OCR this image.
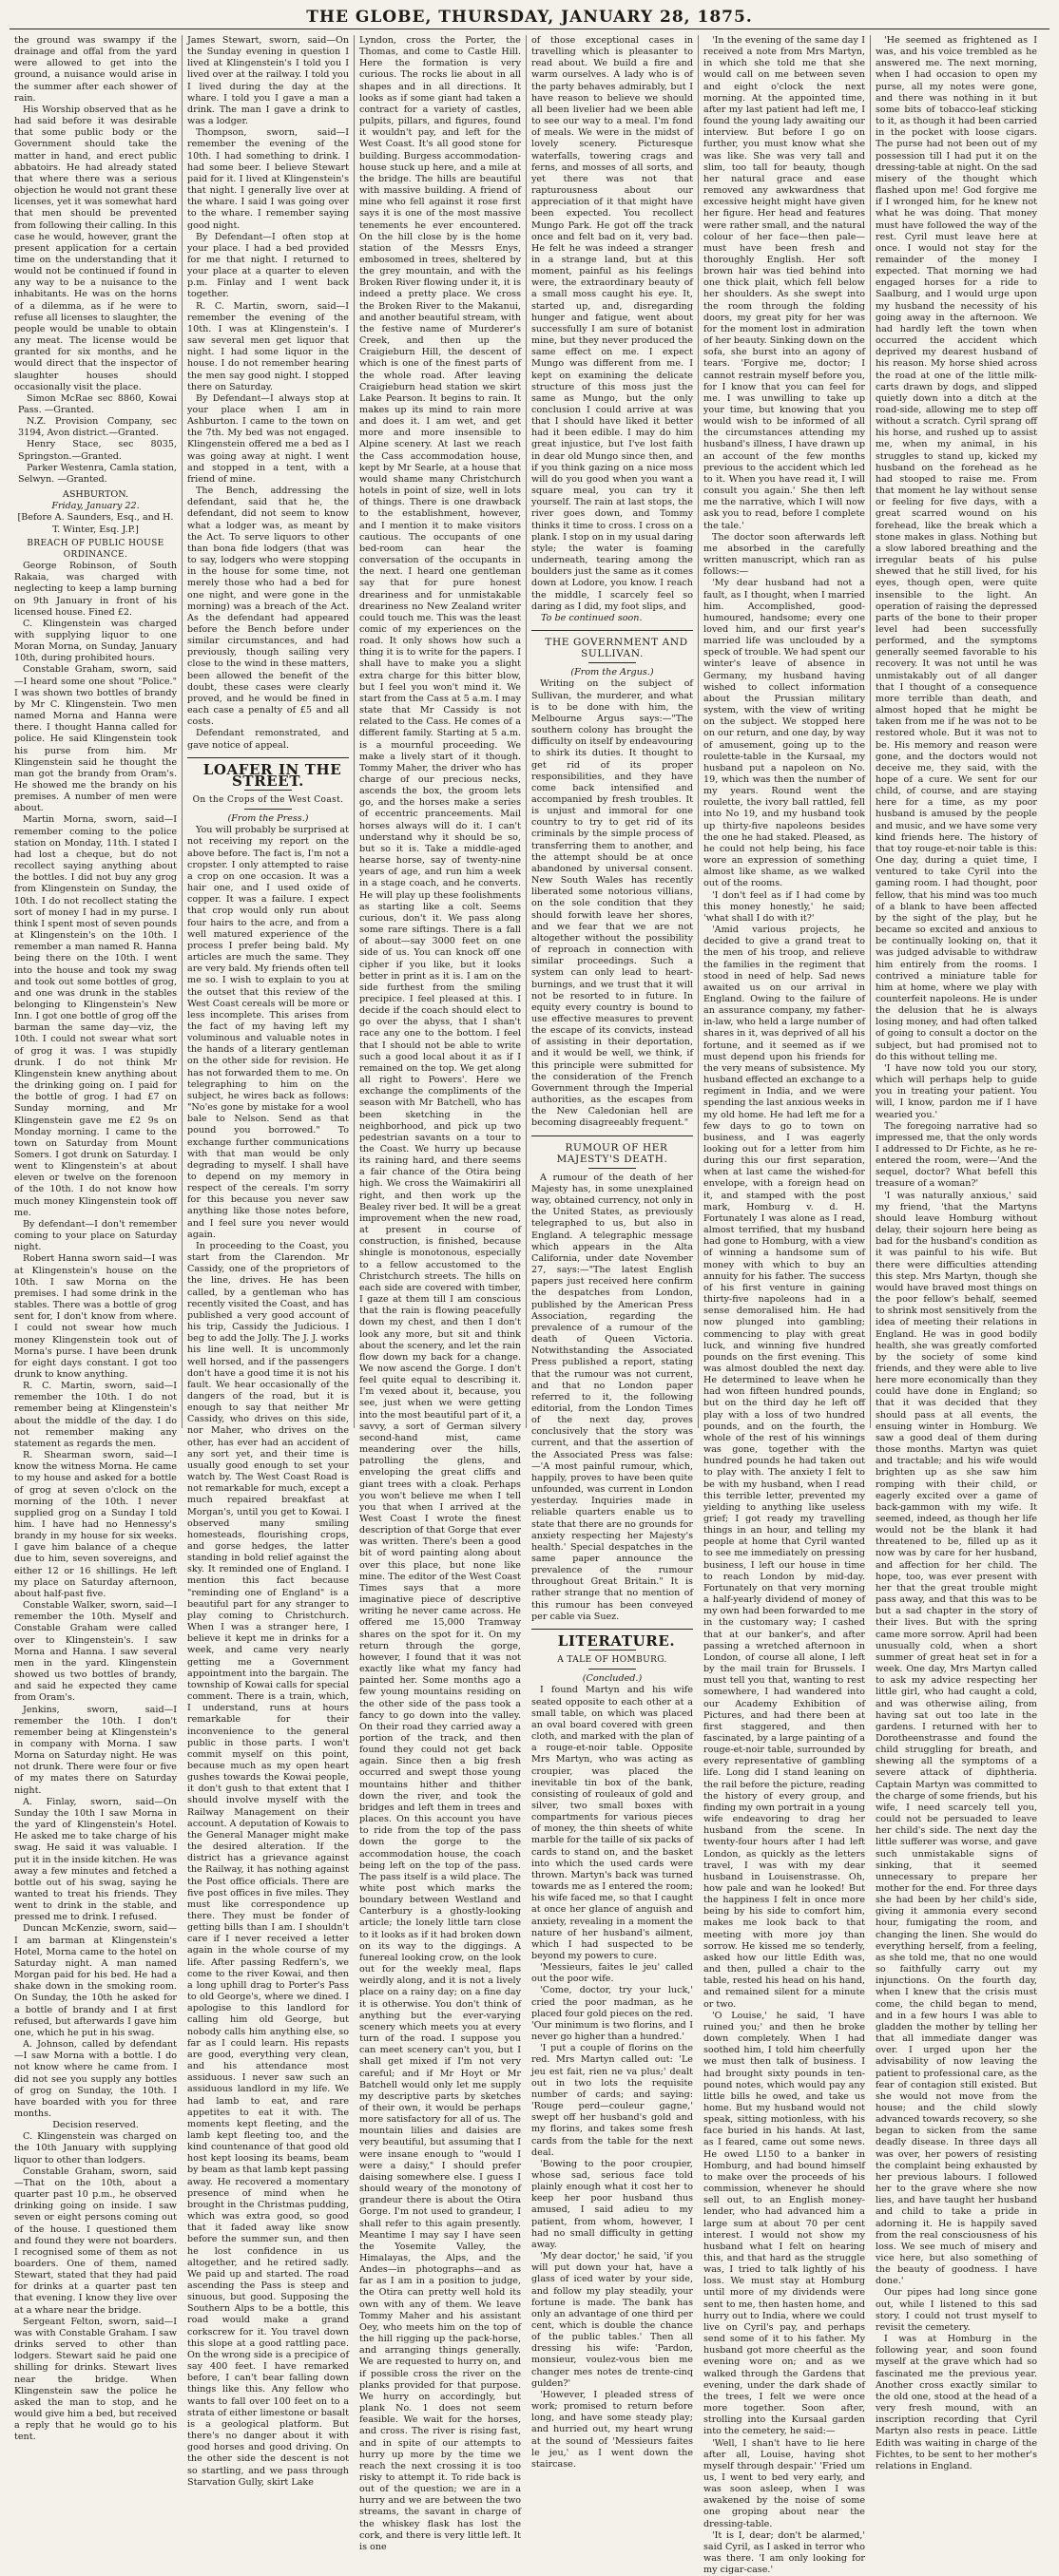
THE GLOBE, THURSDAY, JANUARY 28, 1875.

the ground was swampy if the drainage and offal from the yard were allowed to get into the ground, a nuisance would arise in the summer after each shower of rain.

His Worship observed that as he had said before it was desirable that some public body or the Government should take the matter in hand, and erect public abbatoirs. He had already stated that where there was a serious objection he would not grant these licenses, yet it was somewhat hard that men should be prevented from following their calling. In this case he would, however, grant the present application for a certain time on the understanding that it would not be continued if found in any way to be a nuisance to the inhabitants. He was on the horns of a dilemma, as if he were to refuse all licenses to slaughter, the people would be unable to obtain any meat. The license would be granted for six months, and he would direct that the inspector of slaughter houses should occasionally visit the place.

Simon McRae sec 8860, Kowai Pass. —Granted.

N.Z. Provision Company, sec 3194, Avon district.—Granted.

Henry Stace, sec 8035, Springston.—Granted.

Parker Westenra, Camla station, Selwyn. —Granted.

ASHBURTON.

Friday, January 22.

[Before A. Saunders, Esq., and H. T. Winter, Esq. J.P.]

BREACH OF PUBLIC HOUSE ORDINANCE.

George Robinson, of South Rakaia, was charged with neglecting to keep a lamp burning on 9th January in front of his licensed house. Fined £2.

C. Klingenstein was charged with supplying liquor to one Moran Morna, on Sunday, January 10th, during prohibited hours.

Constable Graham, sworn, said—I heard some one shout "Police." I was shown two bottles of brandy by Mr C. Klingenstein. Two men named Morna and Hanna were there. I thought Hanna called for police. He said Klingenstein took his purse from him. Mr Klingenstein said he thought the man got the brandy from Oram's. He showed me the brandy on his premises. A number of men were about.

Martin Morna, sworn, said—I remember coming to the police station on Monday, 11th. I stated I had lost a cheque, but do not recollect saying anything about the bottles. I did not buy any grog from Klingenstein on Sunday, the 10th. I do not recollect stating the sort of money I had in my purse. I think I spent most of seven pounds at Klingenstein's on the 10th. I remember a man named R. Hanna being there on the 10th. I went into the house and took my swag and took out some bottles of grog, and one was drunk in the stables belonging to Klingenstein's New Inn. I got one bottle of grog off the barman the same day—viz, the 10th. I could not swear what sort of grog it was. I was stupidly drunk. I do not think Mr Klingenstein knew anything about the drinking going on. I paid for the bottle of grog. I had £7 on Sunday morning, and Mr Klingenstein gave me £2 9s on Monday morning. I came to the town on Saturday from Mount Somers. I got drunk on Saturday. I went to Klingenstein's at about eleven or twelve on the forenoon of the 10th. I do not know how much money Klingenstein took off me.

By defendant—I don't remember coming to your place on Saturday night.

Robert Hanna sworn said—I was at Klingenstein's house on the 10th. I saw Morna on the premises. I had some drink in the stables. There was a bottle of grog sent for, I don't know from where. I could not swear how much money Klingenstein took out of Morna's purse. I have been drunk for eight days constant. I got too drunk to know anything.

R. C. Martin, sworn, said—I remember the 10th. I do not remember being at Klingenstein's about the middle of the day. I do not remember making any statement as regards the men.

R. Shearman sworn, said—I know the witness Morna. He came to my house and asked for a bottle of grog at seven o'clock on the morning of the 10th. I never supplied grog on a Sunday I told him. I have had no Hennessy's brandy in my house for six weeks. I gave him balance of a cheque due to him, seven sovereigns, and either 12 or 16 shillings. He left my place on Saturday afternoon, about half-past five.

Constable Walker, sworn, said—I remember the 10th. Myself and Constable Graham were called over to Klingenstein's. I saw Morna and Hanna. I saw several men in the yard. Klingenstein showed us two bottles of brandy, and said he expected they came from Oram's.

Jenkins, sworn, said—I remember the 10th. I don't remember being at Klingenstein's in company with Morna. I saw Morna on Saturday night. He was not drunk. There were four or five of my mates there on Saturday night.

A. Finlay, sworn, said—On Sunday the 10th I saw Morna in the yard of Klingenstein's Hotel. He asked me to take charge of his swag. He said it was valuable. I put it in the inside kitchen. He was away a few minutes and fetched a bottle out of his swag, saying he wanted to treat his friends. They went to drink in the stable, and pressed me to drink. I refused.

Duncan McKenzie, sworn, said—I am barman at Klingenstein's Hotel, Morna came to the hotel on Saturday night. A man named Morgan paid for his bed. He had a shake down in the smoking room. On Sunday, the 10th he asked for a bottle of brandy and I at first refused, but afterwards I gave him one, which he put in his swag.

A. Johnson, called by defendant—I saw Morna with a bottle. I do not know where he came from. I did not see you supply any bottles of grog on Sunday, the 10th. I have boarded with you for three months.

Decision reserved.

C. Klingenstein was charged on the 10th January with supplying liquor to other than lodgers.

Constable Graham, sworn, said—That on the 10th, about a quarter past 10 p.m., he observed drinking going on inside. I saw seven or eight persons coming out of the house. I questioned them and found they were not boarders. I recognised some of them as not boarders. One of them, named Stewart, stated that they had paid for drinks at a quarter past ten that evening. I know they live over at a whare near the bridge.

Sergeant Felton, sworn, said—I was with Constable Graham. I saw drinks served to other than lodgers. Stewart said he paid one shilling for drinks. Stewart lives near the bridge. When Klingenstein saw the police he asked the man to stop, and he would give him a bed, but received a reply that he would go to his tent.

James Stewart, sworn, said—On the Sunday evening in question I lived at Klingenstein's I told you I lived over at the railway. I told you I lived during the day at the whare. I told you I gave a man a drink. The man I gave a drink to was a lodger.

Thompson, sworn, said—I remember the evening of the 10th. I had something to drink. I had some beer. I believe Stewart paid for it. I lived at Klingenstein's that night. I generally live over at the whare. I said I was going over to the whare. I remember saying good night.

By Defendant—I often stop at your place. I had a bed provided for me that night. I returned to your place at a quarter to eleven p.m. Finlay and I went back together.

R. C. Martin, sworn, said—I remember the evening of the 10th. I was at Klingenstein's. I saw several men get liquor that night. I had some liquor in the house. I do not remember hearing the men say good night. I stopped there on Saturday.

By Defendant—I always stop at your place when I am in Ashburton. I came to the town on the 7th. My bed was not engaged. Klingenstein offered me a bed as I was going away at night. I went and stopped in a tent, with a friend of mine.

The Bench, addressing the defendant, said that he, the defendant, did not seem to know what a lodger was, as meant by the Act. To serve liquors to other than bona fide lodgers (that was to say, lodgers who were stopping in the house for some time, not merely those who had a bed for one night, and were gone in the morning) was a breach of the Act. As the defendant had appeared before the Bench before under similar circumstances, and had previously, though sailing very close to the wind in these matters, been allowed the benefit of the doubt, these cases were clearly proved, and he would be fined in each case a penalty of £5 and all costs.

Defendant remonstrated, and gave notice of appeal.

LOAFER IN THE STREET.

On the Crops of the West Coast.

(From the Press.)

You will probably be surprised at not receiving my report on the above before. The fact is, I'm not a cropster. I only attempted to raise a crop on one occasion. It was a hair one, and I used oxide of copper. It was a failure. I expect that crop would only run about four hairs to the acre, and from a well matured experience of the process I prefer being bald. My articles are much the same. They are very bald. My friends often tell me so. I wish to explain to you at the outset that this review of the West Coast cereals will be more or less incomplete. This arises from the fact of my having left my voluminous and valuable notes in the hands of a literary gentleman on the other side for revision. He has not forwarded them to me. On telegraphing to him on the subject, he wires back as follows: "No'es gone by mistake for a wool bale to Nelson. Send as that pound you borrowed." To exchange further communications with that man would be only degrading to myself. I shall have to depend on my memory in respect of the cereals. I'm sorry for this because you never saw anything like those notes before, and I feel sure you never would again.

In proceeding to the Coast, you start from the Clarendon. Mr Cassidy, one of the proprietors of the line, drives. He has been called, by a gentleman who has recently visited the Coast, and has published a very good account of his trip, Cassidy the Judicious. I beg to add the Jolly. The J. J. works his line well. It is uncommonly well horsed, and if the passengers don't have a good time it is not his fault. We hear occasionally of the dangers of the road, but it is enough to say that neither Mr Cassidy, who drives on this side, nor Maher, who drives on the other, has ever had an accident of any sort yet, and their time is usually good enough to set your watch by. The West Coast Road is not remarkable for much, except a much repaired breakfast at Morgan's, until you get to Kowai. I observed many smiling homesteads, flourishing crops, and gorse hedges, the latter standing in bold relief against the sky. It reminded one of England. I mention this fact because "reminding one of England" is a beautiful part for any stranger to play coming to Christchurch. When I was a stranger here, I believe it kept me in drinks for a week, and came very nearly getting me a Government appointment into the bargain. The township of Kowai calls for special comment. There is a train, which, I understand, runs at hours remarkable for their inconvenience to the general public in those parts. I won't commit myself on this point, because much as my open heart gushes towards the Kowai people, it don't gush to that extent that I should involve myself with the Railway Management on their account. A deputation of Kowais to the General Manager might make the desired alteration. If the district has a grievance against the Railway, it has nothing against the Post office officials. There are five post offices in five miles. They must like correspondence up there. They must be fonder of getting bills than I am. I shouldn't care if I never received a letter again in the whole course of my life. After passing Redfern's, we come to the river Kowai, and then a long uphill drag to Porter's Pass to old George's, where we dined. I apologise to this landlord for calling him old George, but nobody calls him anything else, so far as I could learn. His repasts are good, everything very clean, and his attendance most assiduous. I never saw such an assiduous landlord in my life. We had lamb to eat, and rare appetites to eat it with. The moments kept fleeting, and the lamb kept fleeting too, and the kind countenance of that good old host kept loosing its beams, beam by beam as that lamb kept passing away. He recovered a momentary presence of mind when he brought in the Christmas pudding, which was extra good, so good that it faded away like snow before the summer sun, and then he lost confidence in us altogether, and he retired sadly. We paid up and started. The road ascending the Pass is steep and sinuous, but good. Supposing the Southern Alps to be a bottle, this road would make a grand corkscrew for it. You travel down this slope at a good rattling pace. On the wrong side is a precipice of say 400 feet. I have remarked before, I can't bear falling down things like this. Any fellow who wants to fall over 100 feet on to a strata of either limestone or basalt is a geological platform. But there's no danger about it with good horses and good driving. On the other side the descent is not so startling, and we pass through Starvation Gully, skirt Lake

Lyndon, cross the Porter, the Thomas, and come to Castle Hill. Here the formation is very curious. The rocks lie about in all shapes and in all directions. It looks as if some giant had taken a contract for a variety of castles, pulpits, pillars, and figures, found it wouldn't pay, and left for the West Coast. It's all good stone for building. Burgess accommodation-house stuck up here, and a mile at the bridge. The hills are beautiful with massive building. A friend of mine who fell against it rose first says it is one of the most massive tenements he ever encountered. On the hill close by is the home station of the Messrs Enys, embosomed in trees, sheltered by the grey mountain, and with the Broken River flowing under it, it is indeed a pretty place. We cross the Broken River to the Makanui, and another beautiful stream, with the festive name of Murderer's Creek, and then up the Craigieburn Hill, the descent of which is one of the finest parts of the whole road. After leaving Craigieburn head station we skirt Lake Pearson. It begins to rain. It makes up its mind to rain more and does it. I am wet, and get more and more insensible to Alpine scenery. At last we reach the Cass accommodation house, kept by Mr Searle, at a house that would shame many Christchurch hotels in point of size, well in lots of things. There is one drawback to the establishment, however, and I mention it to make visitors cautious. The occupants of one bed-room can hear the conversation of the occupants in the next. I heard one gentleman say that for pure honest dreariness and for unmistakable dreariness no New Zealand writer could touch me. This was the least comic of my experiences on the road. It only shows how such a thing it is to write for the papers. I shall have to make you a slight extra charge for this bitter blow, but I feel you won't mind it. We start from the Cass at 5 a.m. I may state that Mr Cassidy is not related to the Cass. He comes of a different family. Starting at 5 a.m. is a mournful proceeding. We make a lively start of it though. Tommy Maher, the driver who has charge of our precious necks, ascends the box, the groom lets go, and the horses make a series of eccentric pranceements. Mail horses always will do it. I can't understand why it should be so, but so it is. Take a middle-aged hearse horse, say of twenty-nine years of age, and run him a week in a stage coach, and he converts. He will play up these foolishments as starting like a colt. Seems curious, don't it. We pass along some rare siftings. There is a fall of about—say 3000 feet on one side of us. You can knock off one cipher if you like, but it looks better in print as it is. I am on the side furthest from the smiling precipice. I feel pleased at this. I decide if the coach should elect to go over the abyss, that I shan't race any one to the bottom. I feel that I should not be able to write such a good local about it as if I remained on the top. We get along all right to Powers'. Here we exchange the compliments of the season with Mr Batchell, who has been sketching in the neighborhood, and pick up two pedestrian savants on a tour to the Coast. We hurry up because its raining hard, and there seems a fair chance of the Otira being high. We cross the Waimakiriri all right, and then work up the Bealey river bed. It will be a great improvement when the new road, at present in course of construction, is finished, because shingle is monotonous, especially to a fellow accustomed to the Christchurch streets. The hills on each side are covered with timber, I gaze at them till I am conscious that the rain is flowing peacefully down my chest, and then I don't look any more, but sit and think about the scenery, and let the rain flow down my back for a change. We now ascend the Gorge. I don't feel quite equal to describing it. I'm vexed about it, because, you see, just when we were getting into the most beautiful part of it, a savvy, a sort of German silvery second-hand mist, came meandering over the hills, patrolling the glens, and enveloping the great cliffs and giant trees with a cloak. Perhaps you won't believe me when I tell you that when I arrived at the West Coast I wrote the finest description of that Gorge that ever was written. There's been a good bit of word painting along about over this place, but none like mine. The editor of the West Coast Times says that a more imaginative piece of descriptive writing he never came across. He offered me 15,000 Tramway shares on the spot for it. On my return through the gorge, however, I found that it was not exactly like what my fancy had painted her. Some months ago a few young mountains residing on the other side of the pass took a fancy to go down into the valley. On their road they carried away a portion of the track, and then found they could not get back again. Since then a big fresh occurred and swept those young mountains hither and thither down the river, and took the bridges and left them in trees and places. On this account you have to ride from the top of the pass down the gorge to the accommodation house, the coach being left on the top of the pass. The pass itself is a wild place. The white post which marks the boundary between Westland and Canterbury is a ghostly-looking article; the lonely little tarn close to it looks as if it had broken down on its way to the diggings. A funereal looking crow, on the look out for the weekly meal, flaps weirdly along, and it is not a lively place on a rainy day; on a fine day it is otherwise. You don't think of anything but the ever-varying scenery which meets you at every turn of the road. I suppose you can meet scenery can't you, but I shall get mixed if I'm not very careful; and if Mr Hoyt or Mr Batchell would only let me supply my descriptive parts by sketches of their own, it would be perhaps more satisfactory for all of us. The mountain lilies and daisies are very beautiful, but assuming that I were insane enough to "would I were a daisy," I should prefer daising somewhere else. I guess I should weary of the monotony of grandeur there is about the Otira Gorge. I'm not used to grandeur, I shall refer to this again presently. Meantime I may say I have seen the Yosemite Valley, the Himalayas, the Alps, and the Andes—in photographs—and as far as I am in a position to judge, the Otira can pretty well hold its own with any of them. We leave Tommy Maher and his assistant Oey, who meets him on the top of the hill rigging up the pack-horse, and arranging things generally. We are requested to hurry on, and if possible cross the river on the planks provided for that purpose. We hurry on accordingly, but plank No. 1 does not seem feasible. We wait for the horses, and cross. The river is rising fast, and in spite of our attempts to hurry up more by the time we reach the next crossing it is too risky to attempt it. To ride back is out of the question; we are in a hurry and we are between the two streams, the savant in charge of the whiskey flask has lost the cork, and there is very little left. It is one

of those exceptional cases in travelling which is pleasanter to read about. We build a fire and warm ourselves. A lady who is of the party behaves admirably, but I have reason to believe we should all been livelier had we been able to see our way to a meal. I'm fond of meals. We were in the midst of lovely scenery. Picturesque waterfalls, towering crags and ferns, and mosses of all sorts, and yet there was not that rapturousness about our appreciation of it that might have been expected. You recollect Mungo Park. He got off the track once and felt bad on it, very bad. He felt he was indeed a stranger in a strange land, but at this moment, painful as his feelings were, the extraordinary beauty of a small moss caught his eye. It, started up, and, disregarding hunger and fatigue, went about successfully I am sure of botanist mine, but they never produced the same effect on me. I expect Mungo was different from me. I kept on examining the delicate structure of this moss just the same as Mungo, but the only conclusion I could arrive at was that I should have liked it better had it been edible. I may do him great injustice, but I've lost faith in dear old Mungo since then, and if you think gazing on a nice moss will do you good when you want a square meal, you can try it yourself. The rain at last stops, the river goes down, and Tommy thinks it time to cross. I cross on a plank. I stop on in my usual daring style; the water is foaming underneath, tearing among the boulders just the same as it comes down at Lodore, you know. I reach the middle, I scarcely feel so daring as I did, my foot slips, and

To be continued soon.

THE GOVERNMENT AND SULLIVAN.

(From the Argus.)

Writing on the subject of Sullivan, the murderer, and what is to be done with him, the Melbourne Argus says:—"The southern colony has brought the difficulty on itself by endeavouring to shirk its duties. It thought to get rid of its proper responsibilities, and they have come back intensified and accompanied by fresh troubles. It is unjust and immoral for one country to try to get rid of its criminals by the simple process of transferring them to another, and the attempt should be at once abandoned by universal consent. New South Wales has recently liberated some notorious villians, on the sole condition that they should forwith leave her shores, and we fear that we are not altogether without the possibility of reproach in connection with similar proceedings. Such a system can only lead to heart-burnings, and we trust that it will not be resorted to in future. In equity every country is bound to use effective measures to prevent the escape of its convicts, instead of assisting in their deportation, and it would be well, we think, if this principle were submitted for the consideration of the French Government through the Imperial authorities, as the escapes from the New Caledonian hell are becoming disagreeably frequent."

RUMOUR OF HER MAJESTY'S DEATH.

A rumour of the death of her Majesty has, in some unexplained way, obtained currency, not only in the United States, as previously telegraphed to us, but also in England. A telegraphic message which appears in the Alta California, under date November 27, says:—"The latest English papers just received here confirm the despatches from London, published by the American Press Association, regarding the prevalence of a rumour of the death of Queen Victoria. Notwithstanding the Associated Press published a report, stating that the rumour was not current, and that no London paper referred to it, the following editorial, from the London Times of the next day, proves conclusively that the story was current, and that the assertion of the Associated Press was false:—'A most painful rumour, which, happily, proves to have been quite unfounded, was current in London yesterday. Inquiries made in reliable quarters enable us to state that there are no grounds for anxiety respecting her Majesty's health.' Special despatches in the same paper announce the prevalence of the rumour throughout Great Britain." It is rather strange that no mention of this rumour has been conveyed per cable via Suez.

LITERATURE.

A TALE OF HOMBURG.

(Concluded.)

I found Martyn and his wife seated opposite to each other at a small table, on which was placed an oval board covered with green cloth, and marked with the plan of a rouge-et-noir table. Opposite Mrs Martyn, who was acting as croupier, was placed the inevitable tin box of the bank, consisting of rouleaux of gold and silver, two small boxes with compartments for various pieces of money, the thin sheets of white marble for the taille of six packs of cards to stand on, and the basket into which the used cards were thrown. Martyn's back was turned towards me as I entered the room; his wife faced me, so that I caught at once her glance of anguish and anxiety, revealing in a moment the nature of her husband's ailment, which I had suspected to be beyond my powers to cure.

'Messieurs, faites le jeu' called out the poor wife.

'Come, doctor, try your luck,' cried the poor madman, as he placed four gold pieces on the red. 'Our minimum is two florins, and I never go higher than a hundred.'

'I put a couple of florins on the red. Mrs Martyn called out: 'Le jeu est fait, rien ne va plus;' dealt out in two lots the requisite number of cards; and saying: 'Rouge perd—couleur gagne,' swept off her husband's gold and my florins, and takes some fresh cards from the table for the next deal.

'Bowing to the poor croupier, whose sad, serious face told plainly enough what it cost her to keep her poor husband thus amused, I said adieu to my patient, from whom, however, I had no small difficulty in getting away.

'My dear doctor,' he said, 'if you will put down your hat, have a glass of iced water by your side, and follow my play steadily, your fortune is made. The bank has only an advantage of one third per cent, which is double the chance of the public tables.' Then all dressing his wife: 'Pardon, monsieur, voulez-vous bien me changer mes notes de trente-cinq gulden?'

'However, I pleaded stress of work; promised to return before long, and have some steady play; and hurried out, my heart wrung at the sound of 'Messieurs faites le jeu,' as I went down the staircase.

'In the evening of the same day I received a note from Mrs Martyn, in which she told me that she would call on me between seven and eight o'clock the next morning. At the appointed time, after my last patient had left me, I found the young lady awaiting our interview. But before I go on further, you must know what she was like. She was very tall and slim, too tall for beauty, though her natural grace and ease removed any awkwardness that excessive height might have given her figure. Her head and features were rather small, and the natural colour of her face—then pale—must have been fresh and thoroughly English. Her soft brown hair was tied behind into one thick plait, which fell below her shoulders. As she swept into the room through the folding doors, my great pity for her was for the moment lost in admiration of her beauty. Sinking down on the sofa, she burst into an agony of tears. 'Forgive me, doctor; I cannot restrain myself before you, for I know that you can feel for me. I was unwilling to take up your time, but knowing that you would wish to be informed of all the circumstances attending my husband's illness, I have drawn up an account of the few months previous to the accident which led to it. When you have read it, I will consult you again.' She then left me the narrative, which I will now ask you to read, before I complete the tale.'

The doctor soon afterwards left me absorbed in the carefully written manuscript, which ran as follows:—

'My dear husband had not a fault, as I thought, when I married him. Accomplished, good-humoured, handsome; every one loved him, and our first year's married life was unclouded by a speck of trouble. We had spent our winter's leave of absence in Germany, my husband having wished to collect information about the Prussian military system, with the view of writing on the subject. We stopped here on our return, and one day, by way of amusement, going up to the roulette-table in the Kursaal, my husband put a napoleon on No. 19, which was then the number of my years. Round went the roulette, the ivory ball rattled, fell into No 19, and my husband took up thirty-five napoleons besides the one he had staked. Pleased, as he could not help being, his face wore an expression of something almost like shame, as we walked out of the rooms.

'I don't feel as if I had come by this money honestly,' he said; 'what shall I do with it?'

'Amid various projects, he decided to give a grand treat to the men of his troop, and relieve the families in the regiment that stood in need of help. Sad news awaited us on our arrival in England. Owing to the failure of an assurance company, my father-in-law, who held a large number of shares in it, was deprived of all his fortune, and it seemed as if we must depend upon his friends for the very means of subsistence. My husband effected an exchange to a regiment in India, and we were spending the last anxious weeks in my old home. He had left me for a few days to go to town on business, and I was eagerly looking out for a letter from him during this our first separation, when at last came the wished-for envelope, with a foreign head on it, and stamped with the post mark, Homburg v. d. H. Fortunately I was alone as I read, almost terrified, that my husband had gone to Homburg, with a view of winning a handsome sum of money with which to buy an annuity for his father. The success of his first venture in gaining thirty-five napoleons had in a sense demoralised him. He had now plunged into gambling; commencing to play with great luck, and winning five hundred pounds on the first evening. This was almost doubled the next day. He determined to leave when he had won fifteen hundred pounds, but on the third day he left off play with a loss of two hundred pounds, and on the fourth, the whole of the rest of his winnings was gone, together with the hundred pounds he had taken out to play with. The anxiety I felt to be with my husband, when I read this terrible letter, prevented my yielding to anything like useless grief; I got ready my travelling things in an hour, and telling my people at home that Cyril wanted to see me immediately on pressing business, I left our house in time to reach London by mid-day. Fortunately on that very morning a half-yearly dividend of money of my own had been forwarded to me in the customary way; I cashed that at our banker's, and after passing a wretched afternoon in London, of course all alone, I left by the mail train for Brussels. I must tell you that, wanting to rest somewhere, I had wandered into our Academy Exhibition of Pictures, and had there been at first staggered, and then fascinated, by a large painting of a rouge-et-noir table, surrounded by every representative of gambling life. Long did I stand leaning on the rail before the picture, reading the history of every group, and finding my own portrait in a young wife endeavoring to drag her husband from the scene. In twenty-four hours after I had left London, as quickly as the letters travel, I was with my dear husband in Louisenstrasse. Oh, how pale and wan he looked! But the happiness I felt in once more being by his side to comfort him, makes me look back to that meeting with more joy than sorrow. He kissed me so tenderly, asked how our little Edith was, and then, pulled a chair to the table, rested his head on his hand, and remained silent for a minute or two.

'O Louise,' he said, 'I have ruined you;' and then he broke down completely. When I had soothed him, I told him cheerfully we must then talk of business. I had brought sixty pounds in ten-pound notes, which would pay any little bills he owed, and take us home. But my husband would not speak, sitting motionless, with his face buried in his hands. At last, as I feared, came out some news. He owed L150 to a banker in Homburg, and had bound himself to make over the proceeds of his commission, whenever he should sell out, to an English money-lender, who had advanced him a large sum at about 70 per cent interest. I would not show my husband what I felt on hearing this, and that hard as the struggle was, I tried to talk lightly of his loss. We must stay at Homburg until more of my dividends were sent to me, then hasten home, and hurry out to India, where we could live on Cyril's pay, and perhaps send some of it to his father. My husband got more cheerful as the evening wore on; and as we walked through the Gardens that evening, under the dark shade of the trees, I felt we were once more together. Soon after, strolling into the Kursaal garden into the cemetery, he said:—

'Well, I shan't have to lie here after all, Louise, having shot myself through despair.' 'Fried um us, I went to bed very early, and was soon asleep, when I was awakened by the noise of some one groping about near the dressing-table.

'It is I, dear; don't be alarmed,' said Cyril, as I asked in terror who was there. 'I am only looking for my cigar-case.'

'He seemed as frightened as I was, and his voice trembled as he answered me. The next morning, when I had occasion to open my purse, all my notes were gone, and there was nothing in it but some bits of tobacco-leaf sticking to it, as though it had been carried in the pocket with loose cigars. The purse had not been out of my possession till I had put it on the dressing-table at night. On the sad misery of the thought which flashed upon me! God forgive me if I wronged him, for he knew not what he was doing. That money must have followed the way of the rest. Cyril must leave here at once. I would not stay for the remainder of the money I expected. That morning we had engaged horses for a ride to Saalburg, and I would urge upon my husband the necessity of his going away in the afternoon. We had hardly left the town when occurred the accident which deprived my dearest husband of his reason. My horse shied across the road at one of the little milk-carts drawn by dogs, and slipped quietly down into a ditch at the road-side, allowing me to step off without a scratch. Cyril sprang off his horse, and rushed up to assist me, when my animal, in his struggles to stand up, kicked my husband on the forehead as he had stooped to raise me. From that moment he lay without sense or feeling for five days, with a great scarred wound on his forehead, like the break which a stone makes in glass. Nothing but a slow labored breathing and the irregular beats of his pulse shewed that he still lived, for his eyes, though open, were quite insensible to the light. An operation of raising the depressed parts of the bone to their proper level had been successfully performed, and the symptoms generally seemed favorable to his recovery. It was not until he was unmistakably out of all danger that I thought of a consequence more terrible than death, and almost hoped that he might be taken from me if he was not to be restored whole. But it was not to be. His memory and reason were gone, and the doctors would not deceive me, they said, with the hope of a cure. We sent for our child, of course, and are staying here for a time, as my poor husband is amused by the people and music, and we have some very kind friends here. The history of that toy rouge-et-noir table is this: One day, during a quiet time, I ventured to take Cyril into the gaming room. I had thought, poor fellow, that his mind was too much of a blank to have been affected by the sight of the play, but he became so excited and anxious to be continually looking on, that it was judged advisable to withdraw him entirely from the rooms. I contrived a miniature table for him at home, where we play with counterfeit napoleons. He is under the delusion that he is always losing money, and had often talked of going to consult a doctor on the subject, but had promised not to do this without telling me.

'I have now told you our story, which will perhaps help to guide you in treating your patient. You will, I know, pardon me if I have wearied you.'

The foregoing narrative had so impressed me, that the only words I addressed to Dr Fichte, as he re-entered the room, were—'And the sequel, doctor? What befell this treasure of a woman?'

'I was naturally anxious,' said my friend, 'that the Martyns should leave Homburg without delay, their sojourn here being as bad for the husband's condition as it was painful to his wife. But there were difficulties attending this step. Mrs Martyn, though she would have braved most things on the poor fellow's behalf, seemed to shrink most sensitively from the idea of meeting their relations in England. He was in good bodily health, she was greatly comforted by the society of some kind friends, and they were able to live here more economically than they could have done in England; so that it was decided that they should pass at all events, the ensuing winter in Homburg. We saw a good deal of them during those months. Martyn was quiet and tractable; and his wife would brighten up as she saw him romping with their child, or eagerly excited over a game of back-gammon with my wife. It seemed, indeed, as though her life would not be the blank it had threatened to be, filled up as it now was by care for her husband, and affection for her child. The hope, too, was ever present with her that the great trouble might pass away, and that this was to be but a sad chapter in the story of their lives. But with the spring came more sorrow. April had been unusually cold, when a short summer of great heat set in for a week. One day, Mrs Martyn called to ask my advice respecting her little girl, who had caught a cold, and was otherwise ailing, from having sat out too late in the gardens. I returned with her to Dorotheenstrasse and found the child struggling for breath, and shewing all the symptoms of a severe attack of diphtheria. Captain Martyn was committed to the charge of some friends, but his wife, I need scarcely tell you, could not be persuaded to leave her child's side. The next day the little sufferer was worse, and gave such unmistakable signs of sinking, that it seemed unnecessary to prepare her mother for the end. For three days she had been by her child's side, giving it ammonia every second hour, fumigating the room, and changing the linen. She would do everything herself, from a feeling, as she told me, that no one would so faithfully carry out my injunctions. On the fourth day, when I knew that the crisis must come, the child began to mend, and in a few hours I was able to gladden the mother by telling her that all immediate danger was over. I urged upon her the advisability of now leaving the patient to professional care, as the fear of contagion still existed. But she would not move from the house; and the child slowly advanced towards recovery, so she began to sicken from the same deadly disease. In three days all was over, her powers of resisting the complaint being exhausted by her previous labours. I followed her to the grave where she now lies, and have taught her husband and child to take a pride in adorning it. He is happily saved from the real consciousness of his loss. We see much of misery and vice here, but also something of the beauty of goodness. I have done.'

Our pipes had long since gone out, while I listened to this sad story. I could not trust myself to revisit the cemetery.

I was at Homburg in the following year, and soon found myself at the grave which had so fascinated me the previous year. Another cross exactly similar to the old one, stood at the head of a very fresh mound, with an inscription recording that Cyril Martyn also rests in peace. Little Edith was waiting in charge of the Fichtes, to be sent to her mother's relations in England.
